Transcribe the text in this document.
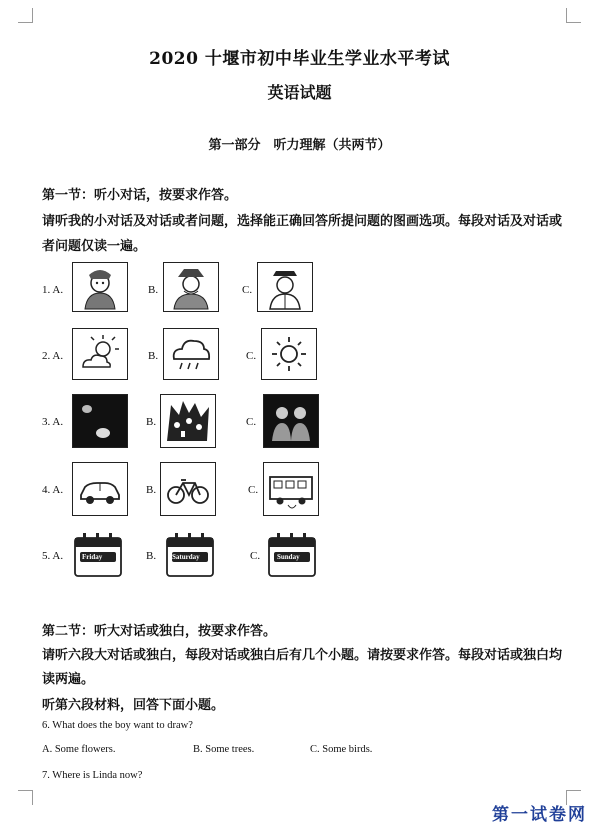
2020 十堰市初中毕业生学业水平考试
英语试题
第一部分　听力理解（共两节）
第一节：听小对话，按要求作答。
请听我的小对话及对话或者问题，选择能正确回答所提问题的图画选项。每段对话及对话或
者问题仅读一遍。
1. A.	B.	C.
2. A.	B.	C.
3. A.	B.	C.
4. A.	B.	C.
5. A.	Friday	B. Saturday	C. Sunday
第二节：听大对话或独白，按要求作答。
请听六段大对话或独白，每段对话或独白后有几个小题。请按要求作答。每段对话或独白均
读两遍。
听第六段材料，回答下面小题。
6. What does the boy want to draw?
A. Some flowers.	B. Some trees.	C. Some birds.
7. Where is Linda now?
第一试卷网
